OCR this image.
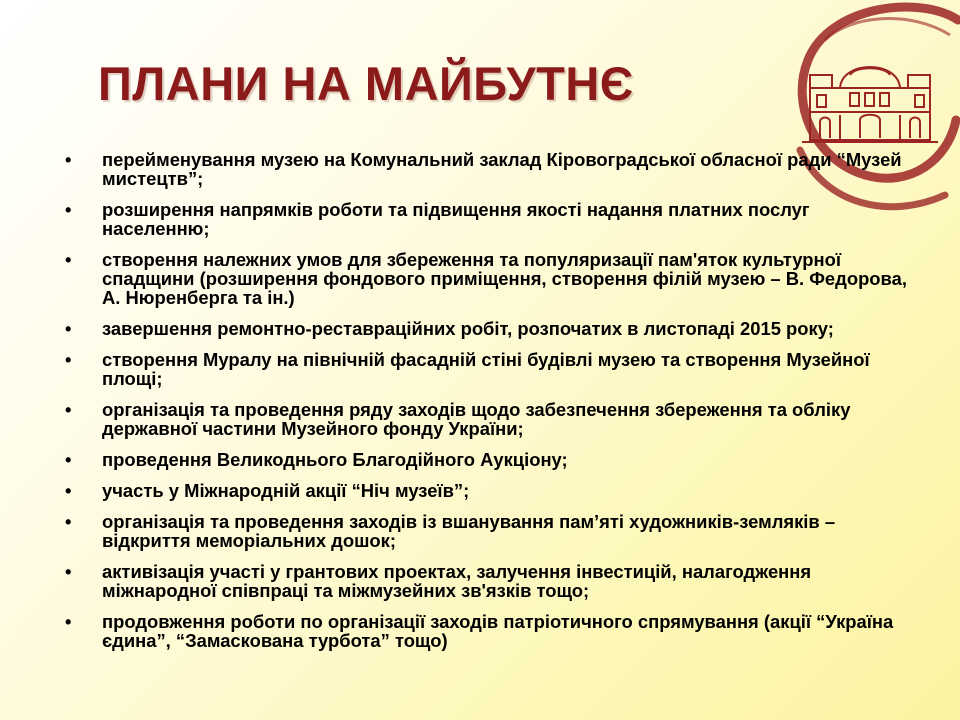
ПЛАНИ НА МАЙБУТНЄ
• перейменування музею на Комунальний заклад Кіровоградської обласної ради “Музей мистецтв”;
• розширення напрямків роботи та підвищення якості надання платних послуг населенню;
• створення належних умов для збереження та популяризації пам'яток культурної спадщини (розширення фондового приміщення, створення філій музею – В. Федорова, А. Нюренберга та ін.)
• завершення ремонтно-реставраційних робіт, розпочатих в листопаді 2015 року;
• створення Муралу на північній фасадній стіні будівлі музею та створення Музейної площі;
• організація та проведення ряду заходів щодо забезпечення збереження та обліку державної частини Музейного фонду України;
• проведення Великоднього Благодійного Аукціону;
• участь у Міжнародній акції “Ніч музеїв”;
• організація та проведення заходів із вшанування пам’яті художників-земляків – відкриття меморіальних дошок;
• активізація участі у грантових проектах, залучення інвестицій, налагодження міжнародної співпраці та міжмузейних зв'язків тощо;
• продовження роботи по організації заходів патріотичного спрямування (акції “Україна єдина”, “Замаскована турбота” тощо)
